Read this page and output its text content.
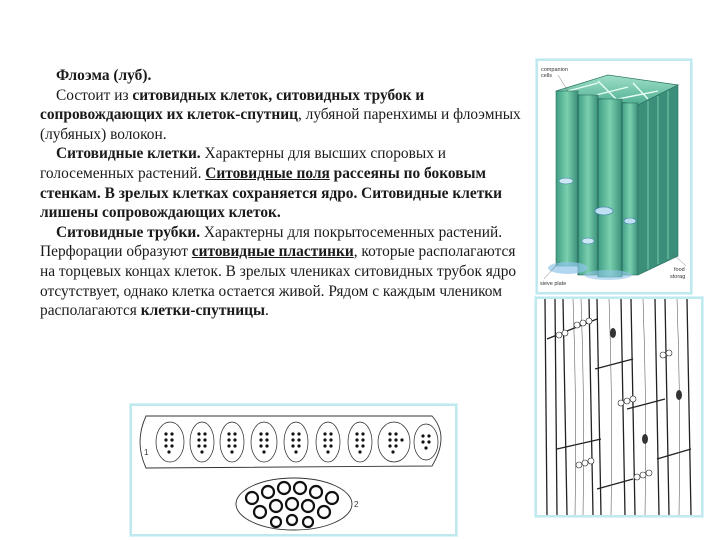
Флоэма (луб).

Состоит из ситовидных клеток, ситовидных трубок и сопровождающих их клеток-спутниц, лубяной паренхимы и флоэмных (лубяных) волокон.

Ситовидные клетки. Характерны для высших споровых и голосеменных растений. Ситовидные поля рассеяны по боковым стенкам. В зрелых клетках сохраняется ядро. Ситовидные клетки лишены сопровождающих клеток.

Ситовидные трубки. Характерны для покрытосеменных растений. Перфорации образуют ситовидные пластинки, которые располагаются на торцевых концах клеток. В зрелых члениках ситовидных трубок ядро отсутствует, однако клетка остается живой. Рядом с каждым члеником располагаются клетки-спутницы.

companion cells
sieve plate
food
storag
1
2
